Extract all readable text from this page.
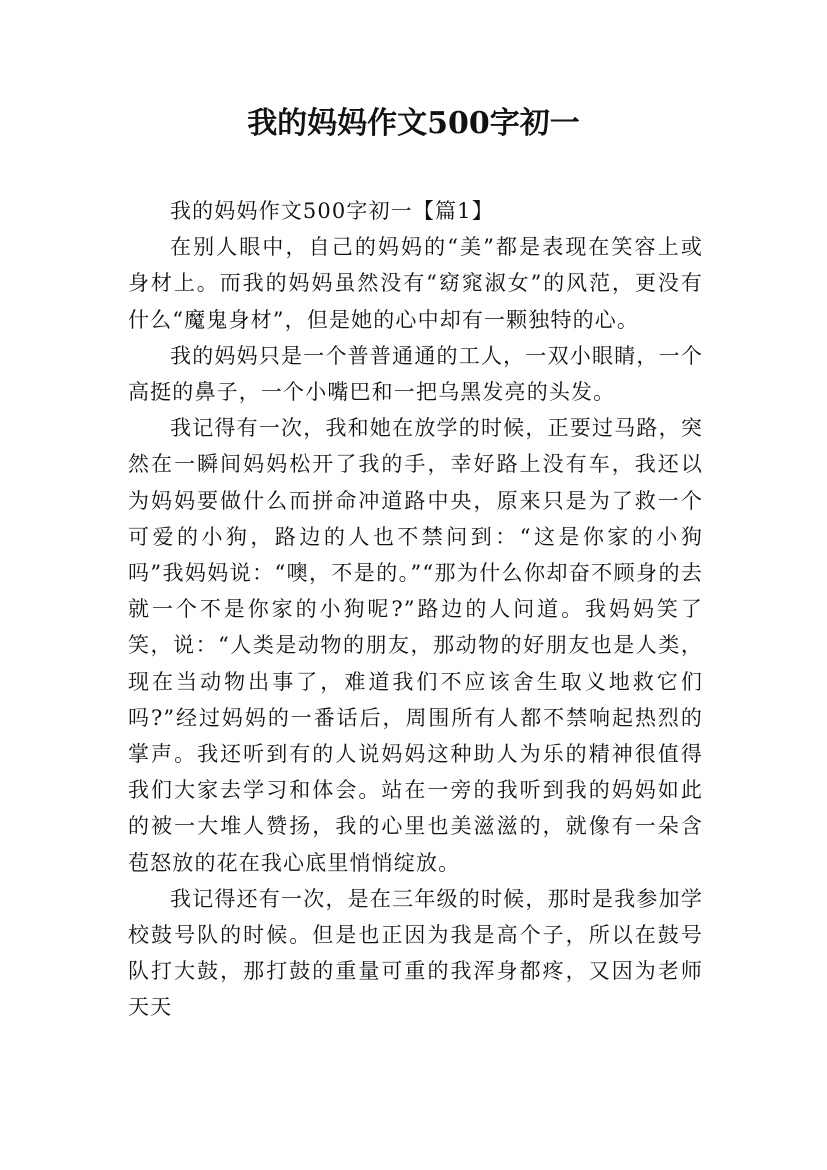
我的妈妈作文500字初一

我的妈妈作文500字初一【篇1】

在别人眼中，自己的妈妈的“美”都是表现在笑容上或身材上。而我的妈妈虽然没有“窈窕淑女”的风范，更没有什么“魔鬼身材”，但是她的心中却有一颗独特的心。

我的妈妈只是一个普普通通的工人，一双小眼睛，一个高挺的鼻子，一个小嘴巴和一把乌黑发亮的头发。

我记得有一次，我和她在放学的时候，正要过马路，突然在一瞬间妈妈松开了我的手，幸好路上没有车，我还以为妈妈要做什么而拼命冲道路中央，原来只是为了救一个可爱的小狗，路边的人也不禁问到：“这是你家的小狗吗”我妈妈说：“噢，不是的。”“那为什么你却奋不顾身的去就一个不是你家的小狗呢?”路边的人问道。我妈妈笑了笑，说：“人类是动物的朋友，那动物的好朋友也是人类，现在当动物出事了，难道我们不应该舍生取义地救它们吗?”经过妈妈的一番话后，周围所有人都不禁响起热烈的掌声。我还听到有的人说妈妈这种助人为乐的精神很值得我们大家去学习和体会。站在一旁的我听到我的妈妈如此的被一大堆人赞扬，我的心里也美滋滋的，就像有一朵含苞怒放的花在我心底里悄悄绽放。

我记得还有一次，是在三年级的时候，那时是我参加学校鼓号队的时候。但是也正因为我是高个子，所以在鼓号队打大鼓，那打鼓的重量可重的我浑身都疼，又因为老师天天
